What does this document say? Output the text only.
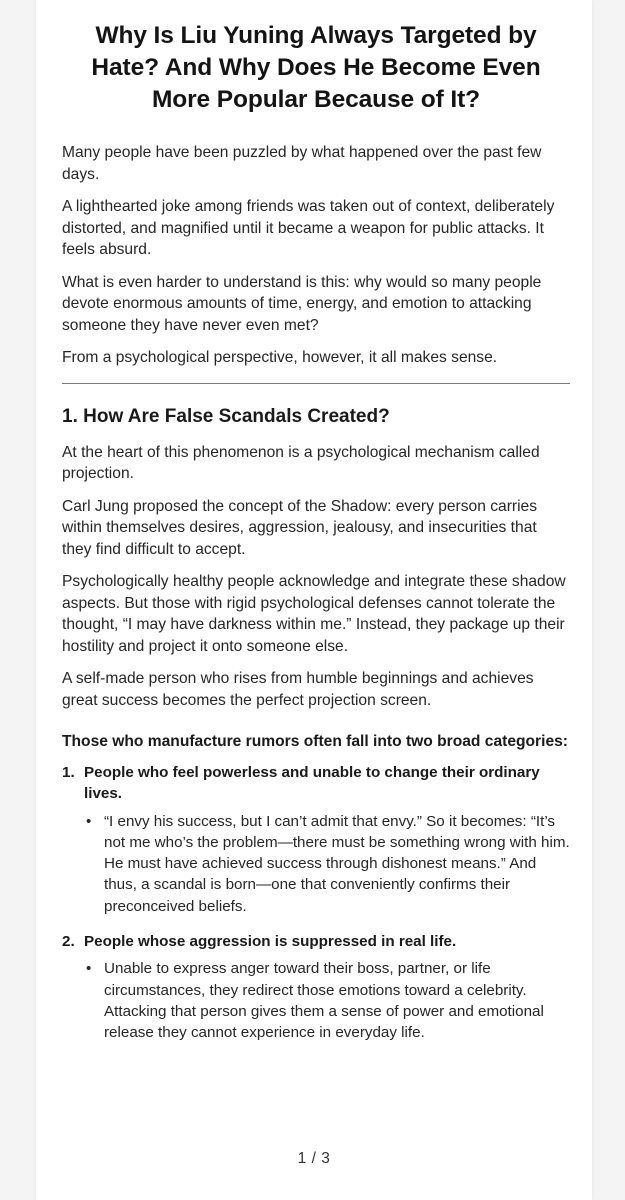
Why Is Liu Yuning Always Targeted by Hate? And Why Does He Become Even More Popular Because of It?

Many people have been puzzled by what happened over the past few days.

A lighthearted joke among friends was taken out of context, deliberately distorted, and magnified until it became a weapon for public attacks. It feels absurd.

What is even harder to understand is this: why would so many people devote enormous amounts of time, energy, and emotion to attacking someone they have never even met?

From a psychological perspective, however, it all makes sense.

1. How Are False Scandals Created?

At the heart of this phenomenon is a psychological mechanism called projection.

Carl Jung proposed the concept of the Shadow: every person carries within themselves desires, aggression, jealousy, and insecurities that they find difficult to accept.

Psychologically healthy people acknowledge and integrate these shadow aspects. But those with rigid psychological defenses cannot tolerate the thought, “I may have darkness within me.” Instead, they package up their hostility and project it onto someone else.

A self-made person who rises from humble beginnings and achieves great success becomes the perfect projection screen.

Those who manufacture rumors often fall into two broad categories:
1. People who feel powerless and unable to change their ordinary lives.
• “I envy his success, but I can’t admit that envy.” So it becomes: “It’s not me who’s the problem—there must be something wrong with him. He must have achieved success through dishonest means.” And thus, a scandal is born—one that conveniently confirms their preconceived beliefs.
2. People whose aggression is suppressed in real life.
• Unable to express anger toward their boss, partner, or life circumstances, they redirect those emotions toward a celebrity. Attacking that person gives them a sense of power and emotional release they cannot experience in everyday life.
1 / 3
